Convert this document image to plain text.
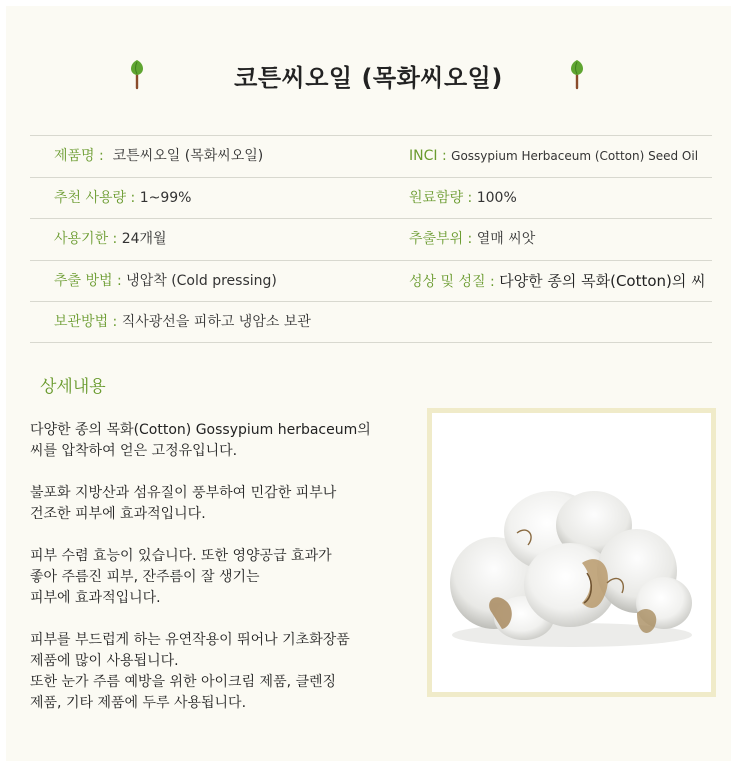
코튼씨오일 (목화씨오일)
제품명 : 코튼씨오일 (목화씨오일)	INCI : Gossypium Herbaceum (Cotton) Seed Oil
추천 사용량 : 1~99%	원료함량 : 100%
사용기한 : 24개월	추출부위 : 열매 씨앗
추출 방법 : 냉압착 (Cold pressing)	성상 및 성질 : 다양한 종의 목화(Cotton)의 씨
보관방법 : 직사광선을 피하고 냉암소 보관
상세내용

다양한 종의 목화(Cotton) Gossypium herbaceum의
씨를 압착하여 얻은 고정유입니다.

불포화 지방산과 섬유질이 풍부하여 민감한 피부나
건조한 피부에 효과적입니다.

피부 수렴 효능이 있습니다. 또한 영양공급 효과가
좋아 주름진 피부, 잔주름이 잘 생기는
피부에 효과적입니다.

피부를 부드럽게 하는 유연작용이 뛰어나 기초화장품
제품에 많이 사용됩니다.
또한 눈가 주름 예방을 위한 아이크림 제품, 클렌징
제품, 기타 제품에 두루 사용됩니다.
